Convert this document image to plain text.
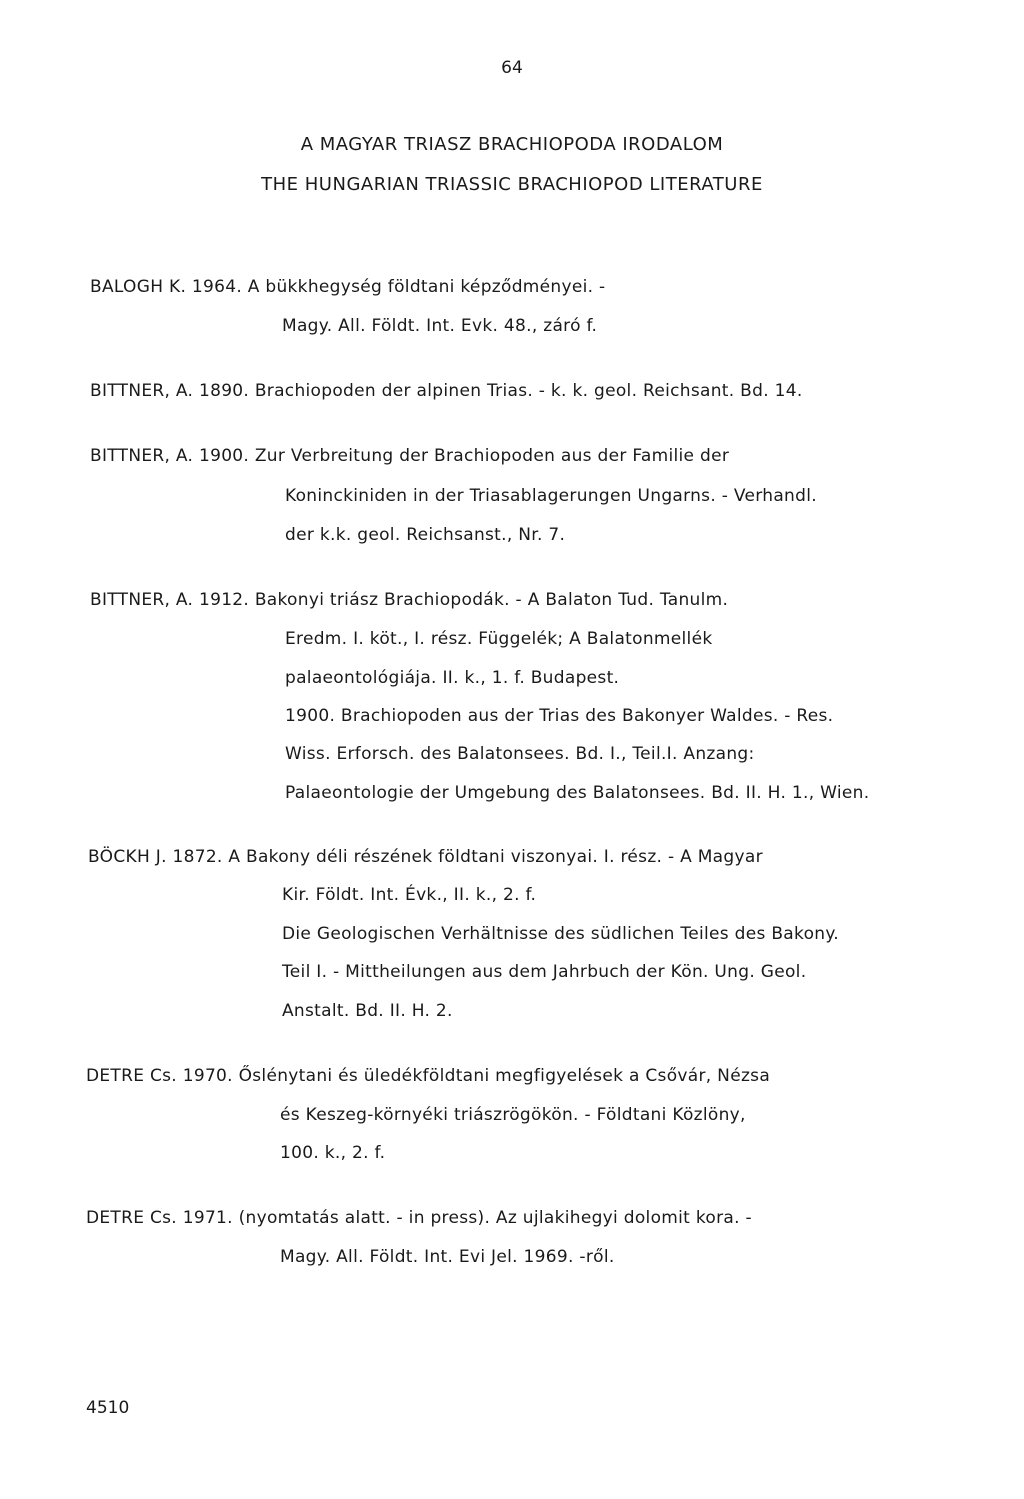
64
A MAGYAR TRIASZ BRACHIOPODA IRODALOM
THE HUNGARIAN TRIASSIC BRACHIOPOD LITERATURE
BALOGH K. 1964. A bükkhegység földtani képződményei. -
Magy. All. Földt. Int. Evk. 48., záró f.
BITTNER, A. 1890. Brachiopoden der alpinen Trias. - k. k. geol. Reichsant. Bd. 14.
BITTNER, A. 1900. Zur Verbreitung der Brachiopoden aus der Familie der
Koninckiniden in der Triasablagerungen Ungarns. - Verhandl.
der k.k. geol. Reichsanst., Nr. 7.
BITTNER, A. 1912. Bakonyi triász Brachiopodák. - A Balaton Tud. Tanulm.
Eredm. I. köt., I. rész. Függelék; A Balatonmellék
palaeontológiája. II. k., 1. f. Budapest.
1900. Brachiopoden aus der Trias des Bakonyer Waldes. - Res.
Wiss. Erforsch. des Balatonsees. Bd. I., Teil.I. Anzang:
Palaeontologie der Umgebung des Balatonsees. Bd. II. H. 1., Wien.
BÖCKH J. 1872. A Bakony déli részének földtani viszonyai. I. rész. - A Magyar
Kir. Földt. Int. Évk., II. k., 2. f.
Die Geologischen Verhältnisse des südlichen Teiles des Bakony.
Teil I. - Mittheilungen aus dem Jahrbuch der Kön. Ung. Geol.
Anstalt. Bd. II. H. 2.
DETRE Cs. 1970. Őslénytani és üledékföldtani megfigyelések a Csővár, Nézsa
és Keszeg-környéki triászrögökön. - Földtani Közlöny,
100. k., 2. f.
DETRE Cs. 1971. (nyomtatás alatt. - in press). Az ujlakihegyi dolomit kora. -
Magy. All. Földt. Int. Evi Jel. 1969. -ről.
4510
